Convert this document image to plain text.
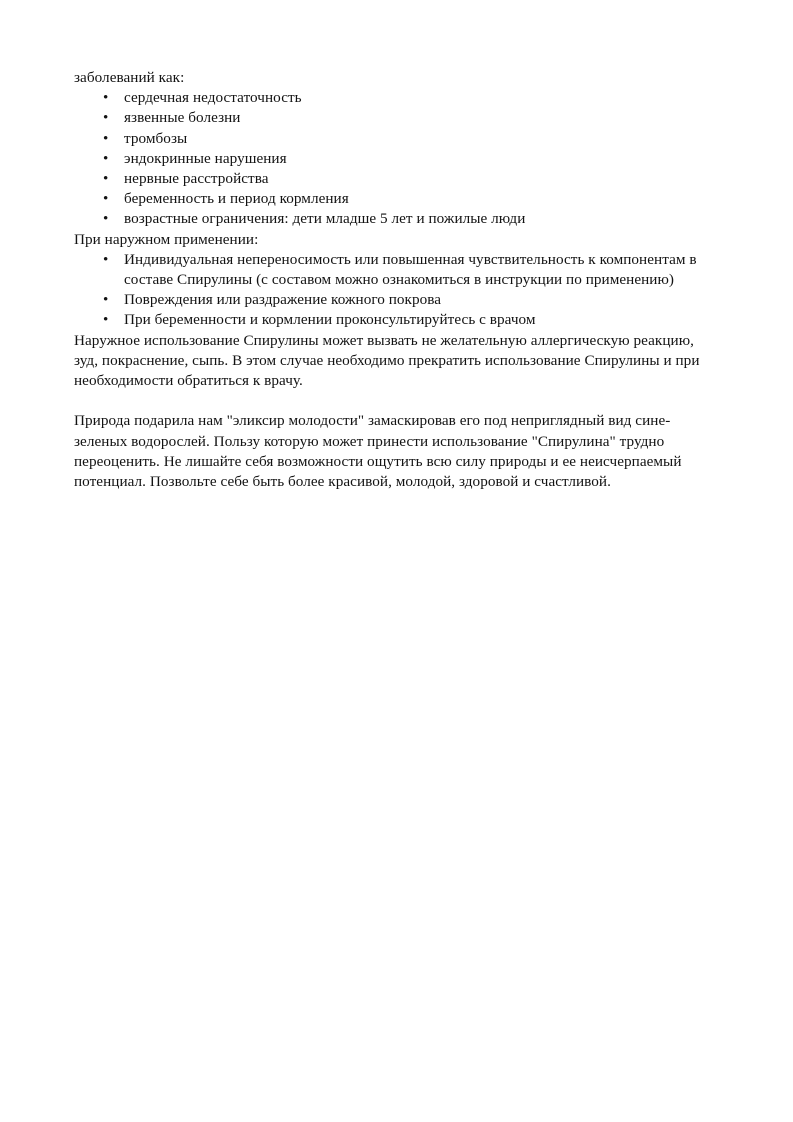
заболеваний как:

•	сердечная недостаточность
•	язвенные болезни
•	тромбозы
•	эндокринные нарушения
•	нервные расстройства
•	беременность и период кормления
•	возрастные ограничения: дети младше 5 лет и пожилые люди

При наружном применении:

•	Индивидуальная непереносимость или повышенная чувствительность к компонентам в составе Спирулины (с составом можно ознакомиться в инструкции по применению)
•	Повреждения или раздражение кожного покрова
•	При беременности и кормлении проконсультируйтесь с врачом

Наружное использование Спирулины может вызвать не желательную аллергическую реакцию, зуд, покраснение, сыпь. В этом случае необходимо прекратить использование Спирулины и при необходимости обратиться к врачу.

Природа подарила нам "эликсир молодости" замаскировав его под неприглядный вид сине-зеленых водорослей. Пользу которую может принести использование "Спирулина" трудно переоценить. Не лишайте себя возможности ощутить всю силу природы и ее неисчерпаемый потенциал. Позвольте себе быть более красивой, молодой, здоровой и счастливой.
